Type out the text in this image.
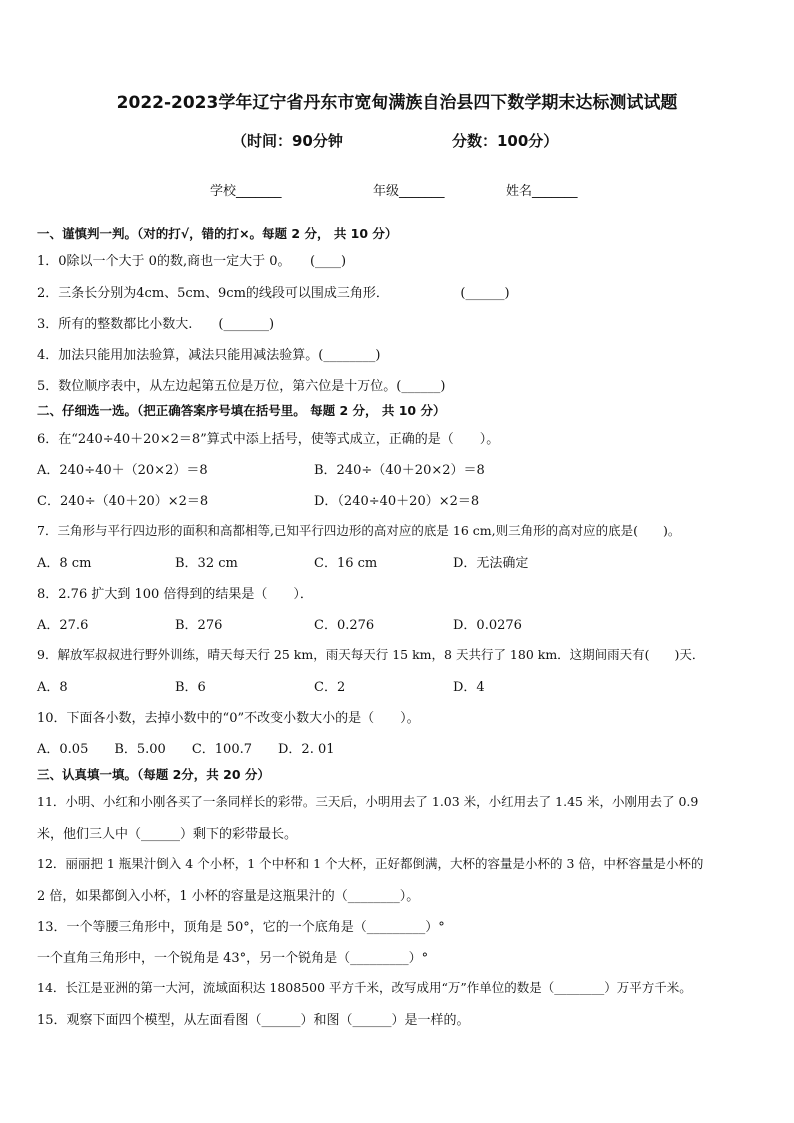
2022-2023学年辽宁省丹东市宽甸满族自治县四下数学期末达标测试试题
（时间：90分钟	分数：100分）
学校_______	年级_______	姓名_______
一、谨慎判一判。（对的打√，错的打×。每题 2 分， 共 10 分）
1．0除以一个大于 0的数,商也一定大于 0。　　(____)
2．三条长分别为4cm、5cm、9cm的线段可以围成三角形．　　　　　　(______)
3．所有的整数都比小数大.　　(_______)
4．加法只能用加法验算，减法只能用减法验算。(________)
5．数位顺序表中，从左边起第五位是万位，第六位是十万位。(______)
二、仔细选一选。（把正确答案序号填在括号里。 每题 2 分， 共 10 分）
6．在“240÷40＋20×2＝8”算式中添上括号，使等式成立，正确的是（　　）。
A．240÷40＋（20×2）＝8	B．240÷（40＋20×2）＝8
C．240÷（40＋20）×2＝8	D．（240÷40＋20）×2＝8
7．三角形与平行四边形的面积和高都相等,已知平行四边形的高对应的底是 16 cm,则三角形的高对应的底是(　　)。
A．8 cm	B．32 cm	C．16 cm	D．无法确定
8．2.76 扩大到 100 倍得到的结果是（　　）．
A．27.6	B．276	C．0.276	D．0.0276
9．解放军叔叔进行野外训练，晴天每天行 25 km，雨天每天行 15 km，8 天共行了 180 km．这期间雨天有(　　)天．
A．8	B．6	C．2	D．4
10．下面各小数，去掉小数中的“0”不改变小数大小的是（　　）。
A．0.05　　B．5.00　　C．100.7　　D．2. 01
三、认真填一填。（每题 2分，共 20 分）
11．小明、小红和小刚各买了一条同样长的彩带。三天后，小明用去了 1.03 米，小红用去了 1.45 米，小刚用去了 0.9
米，他们三人中（______）剩下的彩带最长。
12．丽丽把 1 瓶果汁倒入 4 个小杯，1 个中杯和 1 个大杯，正好都倒满，大杯的容量是小杯的 3 倍，中杯容量是小杯的
2 倍，如果都倒入小杯，1 小杯的容量是这瓶果汁的（________）。
13．一个等腰三角形中，顶角是 50°，它的一个底角是（_________）°
一个直角三角形中，一个锐角是 43°，另一个锐角是（_________）°
14．长江是亚洲的第一大河，流域面积达 1808500 平方千米，改写成用“万”作单位的数是（________）万平方千米。
15．观察下面四个模型，从左面看图（______）和图（______）是一样的。
